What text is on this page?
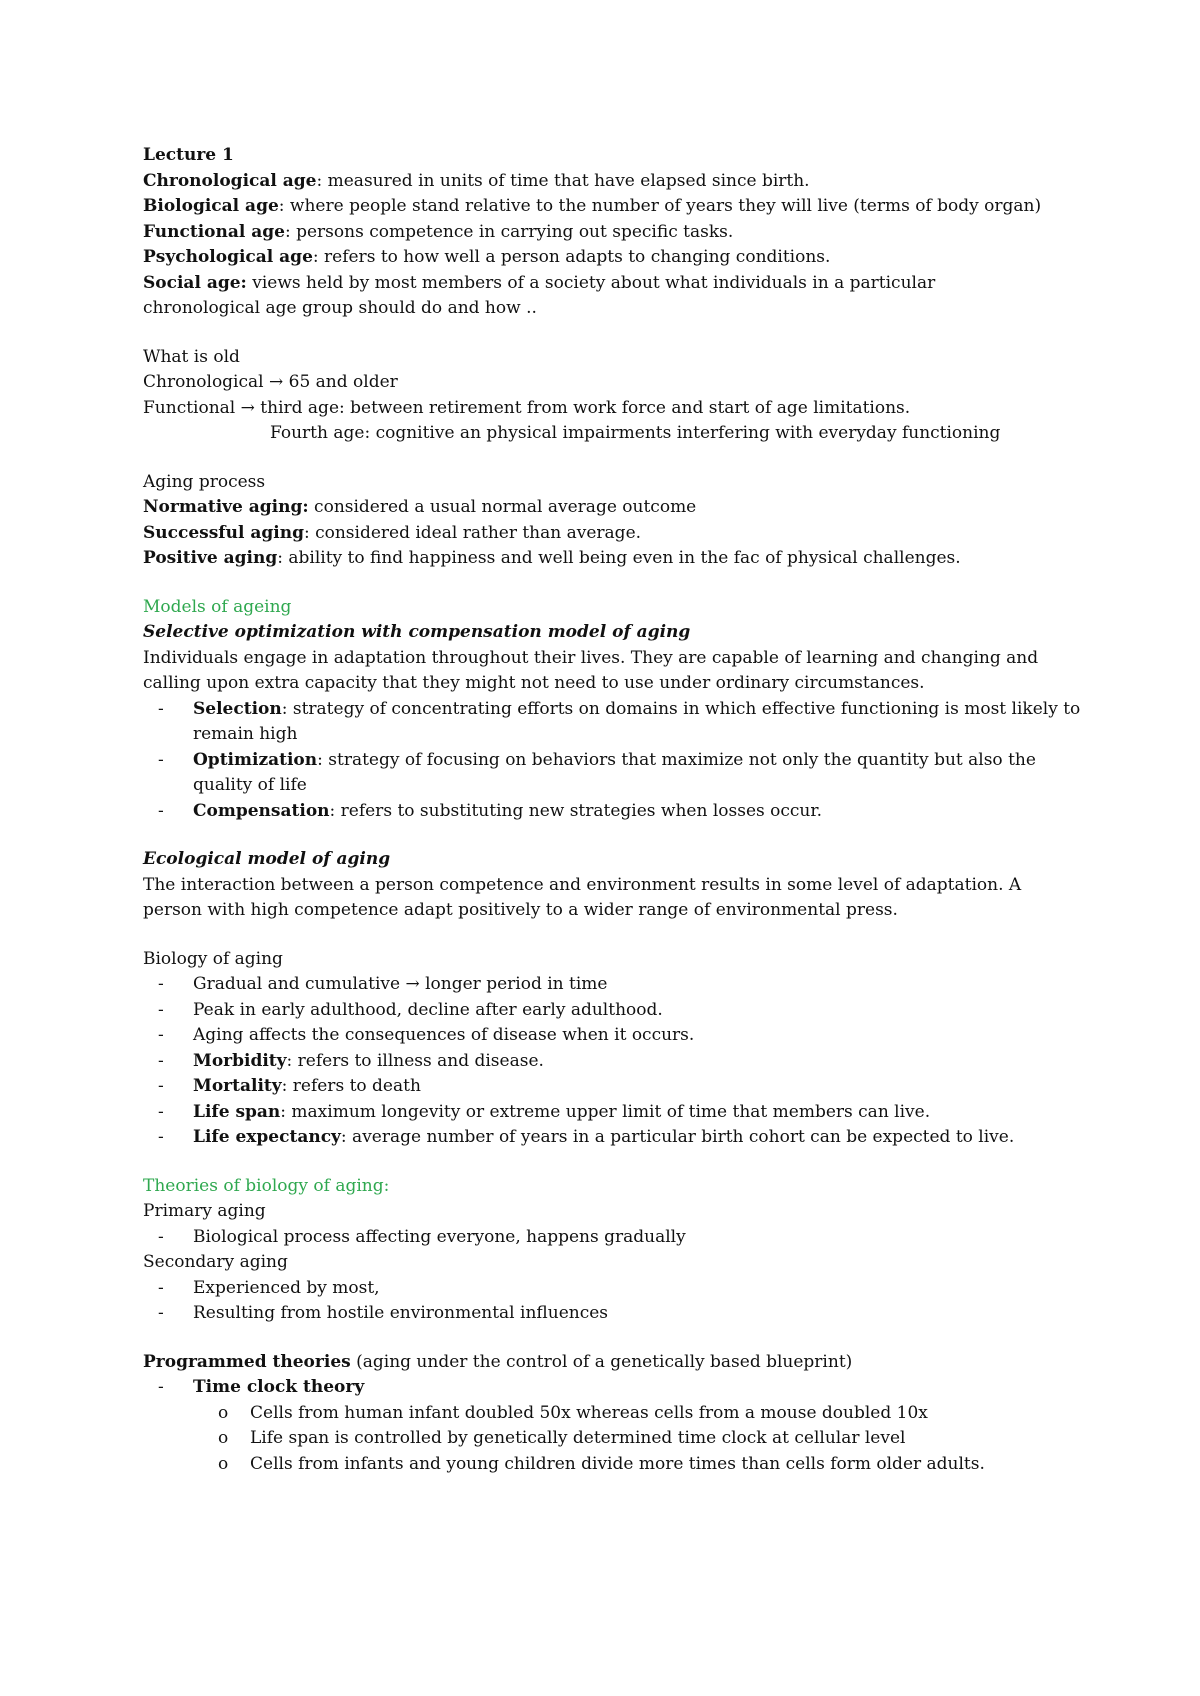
Lecture 1
Chronological age: measured in units of time that have elapsed since birth.
Biological age: where people stand relative to the number of years they will live (terms of body organ)
Functional age: persons competence in carrying out specific tasks.
Psychological age: refers to how well a person adapts to changing conditions.
Social age: views held by most members of a society about what individuals in a particular
chronological age group should do and how ..
What is old
Chronological → 65 and older
Functional → third age: between retirement from work force and start of age limitations.
Fourth age: cognitive an physical impairments interfering with everyday functioning
Aging process
Normative aging: considered a usual normal average outcome
Successful aging: considered ideal rather than average.
Positive aging: ability to find happiness and well being even in the fac of physical challenges.
Models of ageing
Selective optimization with compensation model of aging
Individuals engage in adaptation throughout their lives. They are capable of learning and changing and
calling upon extra capacity that they might not need to use under ordinary circumstances.
- Selection: strategy of concentrating efforts on domains in which effective functioning is most likely to remain high
- Optimization: strategy of focusing on behaviors that maximize not only the quantity but also the quality of life
- Compensation: refers to substituting new strategies when losses occur.
Ecological model of aging
The interaction between a person competence and environment results in some level of adaptation. A
person with high competence adapt positively to a wider range of environmental press.
Biology of aging
- Gradual and cumulative → longer period in time
- Peak in early adulthood, decline after early adulthood.
- Aging affects the consequences of disease when it occurs.
- Morbidity: refers to illness and disease.
- Mortality: refers to death
- Life span: maximum longevity or extreme upper limit of time that members can live.
- Life expectancy: average number of years in a particular birth cohort can be expected to live.
Theories of biology of aging:
Primary aging
- Biological process affecting everyone, happens gradually
Secondary aging
- Experienced by most,
- Resulting from hostile environmental influences
Programmed theories (aging under the control of a genetically based blueprint)
- Time clock theory
o Cells from human infant doubled 50x whereas cells from a mouse doubled 10x
o Life span is controlled by genetically determined time clock at cellular level
o Cells from infants and young children divide more times than cells form older adults.
